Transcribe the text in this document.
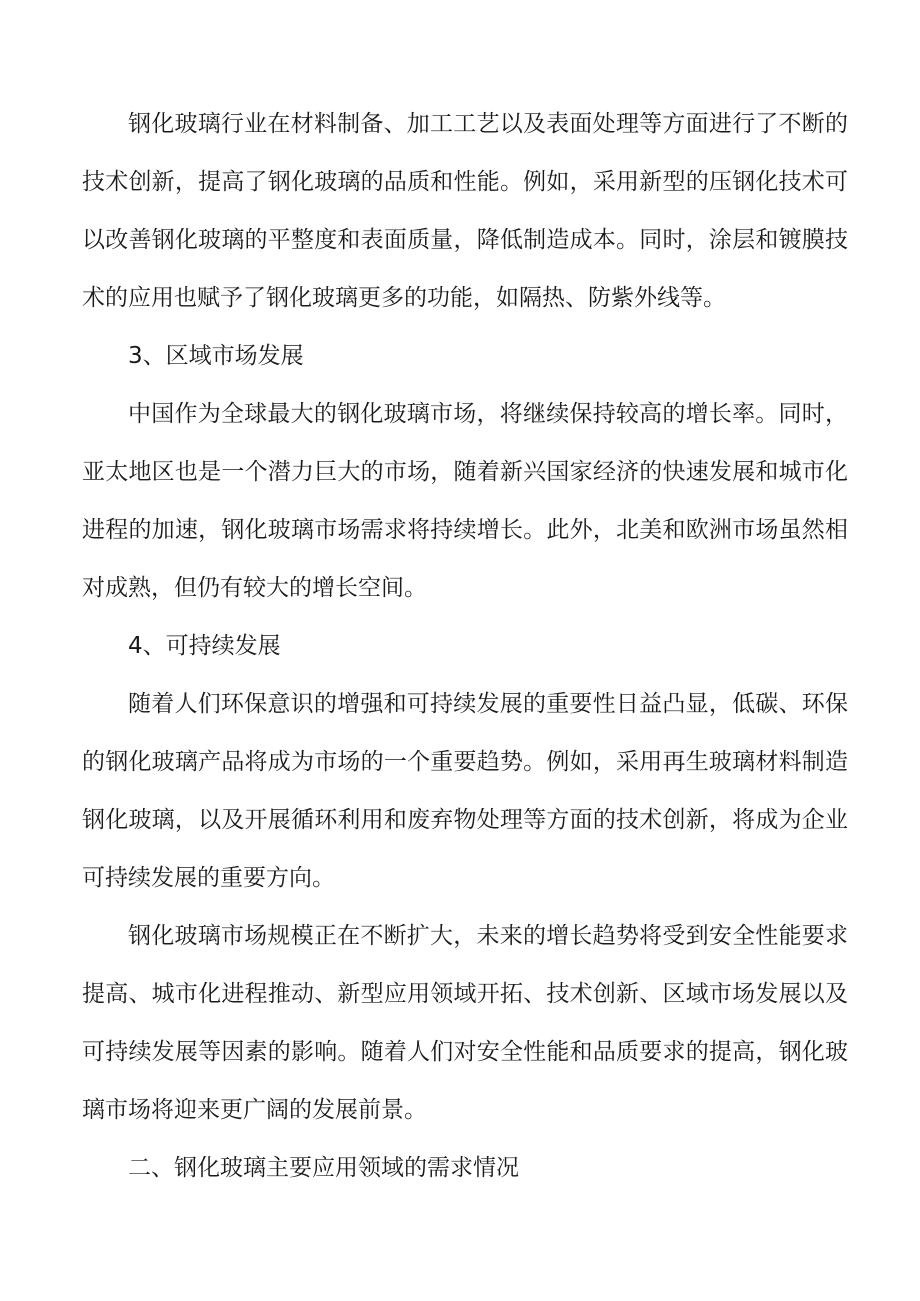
钢化玻璃行业在材料制备、加工工艺以及表面处理等方面进行了不断的技术创新，提高了钢化玻璃的品质和性能。例如，采用新型的压钢化技术可以改善钢化玻璃的平整度和表面质量，降低制造成本。同时，涂层和镀膜技术的应用也赋予了钢化玻璃更多的功能，如隔热、防紫外线等。

3、区域市场发展

中国作为全球最大的钢化玻璃市场，将继续保持较高的增长率。同时，亚太地区也是一个潜力巨大的市场，随着新兴国家经济的快速发展和城市化进程的加速，钢化玻璃市场需求将持续增长。此外，北美和欧洲市场虽然相对成熟，但仍有较大的增长空间。

4、可持续发展

随着人们环保意识的增强和可持续发展的重要性日益凸显，低碳、环保的钢化玻璃产品将成为市场的一个重要趋势。例如，采用再生玻璃材料制造钢化玻璃，以及开展循环利用和废弃物处理等方面的技术创新，将成为企业可持续发展的重要方向。

钢化玻璃市场规模正在不断扩大，未来的增长趋势将受到安全性能要求提高、城市化进程推动、新型应用领域开拓、技术创新、区域市场发展以及可持续发展等因素的影响。随着人们对安全性能和品质要求的提高，钢化玻璃市场将迎来更广阔的发展前景。

二、钢化玻璃主要应用领域的需求情况
